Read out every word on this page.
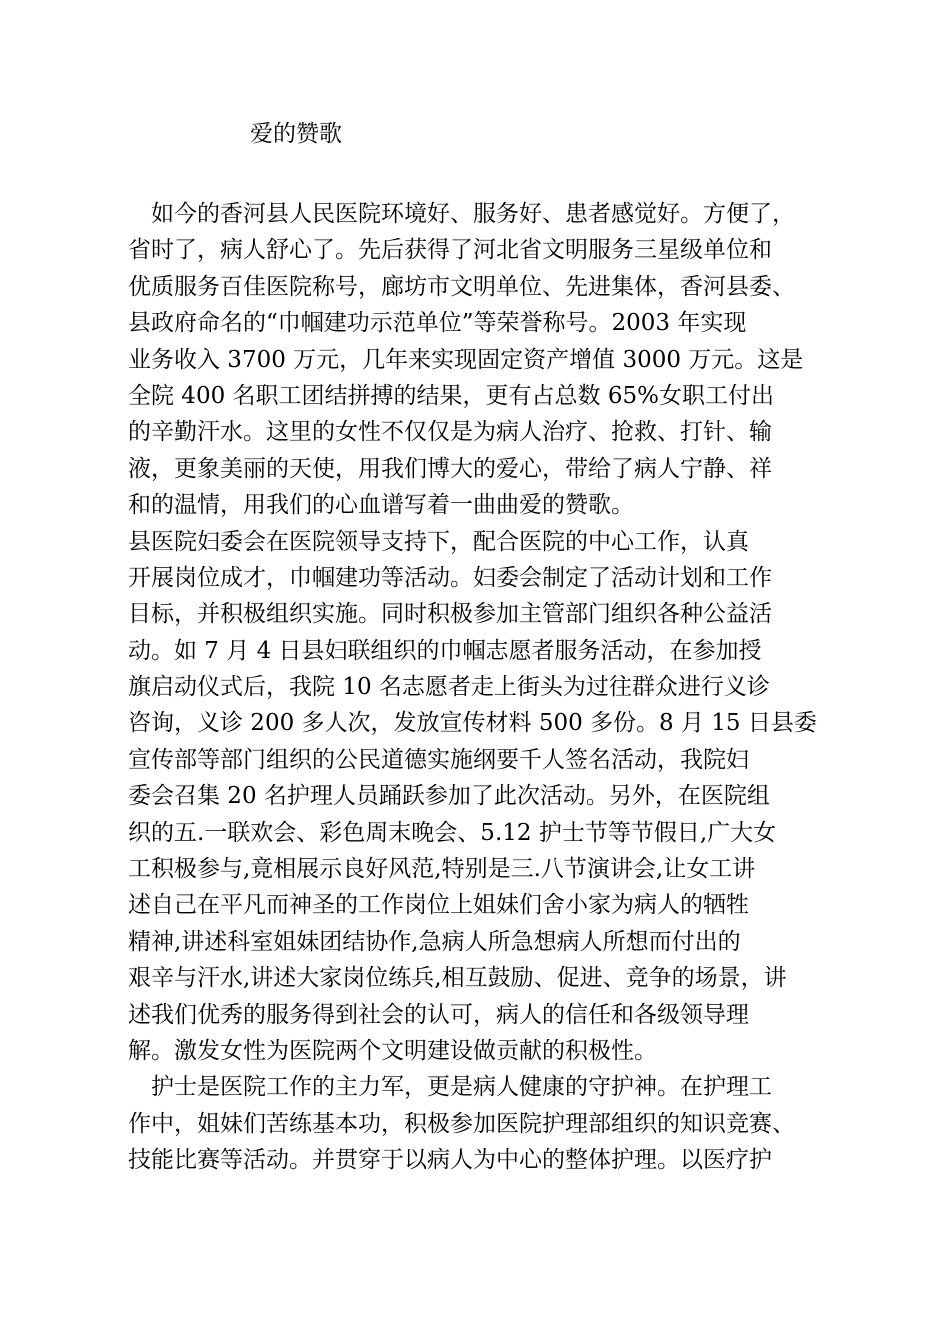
爱的赞歌
　如今的香河县人民医院环境好、服务好、患者感觉好。方便了，
省时了，病人舒心了。先后获得了河北省文明服务三星级单位和
优质服务百佳医院称号，廊坊市文明单位、先进集体，香河县委、
县政府命名的“巾帼建功示范单位”等荣誉称号。2003 年实现
业务收入 3700 万元，几年来实现固定资产增值 3000 万元。这是
全院 400 名职工团结拼搏的结果，更有占总数 65%女职工付出
的辛勤汗水。这里的女性不仅仅是为病人治疗、抢救、打针、输
液，更象美丽的天使，用我们博大的爱心，带给了病人宁静、祥
和的温情，用我们的心血谱写着一曲曲爱的赞歌。
县医院妇委会在医院领导支持下，配合医院的中心工作，认真
开展岗位成才，巾帼建功等活动。妇委会制定了活动计划和工作
目标，并积极组织实施。同时积极参加主管部门组织各种公益活
动。如 7 月 4 日县妇联组织的巾帼志愿者服务活动，在参加授
旗启动仪式后，我院 10 名志愿者走上街头为过往群众进行义诊
咨询，义诊 200 多人次，发放宣传材料 500 多份。8 月 15 日县委
宣传部等部门组织的公民道德实施纲要千人签名活动，我院妇
委会召集 20 名护理人员踊跃参加了此次活动。另外，在医院组
织的五.一联欢会、彩色周末晚会、5.12 护士节等节假日,广大女
工积极参与,竟相展示良好风范,特别是三.八节演讲会,让女工讲
述自己在平凡而神圣的工作岗位上姐妹们舍小家为病人的牺牲
精神,讲述科室姐妹团结协作,急病人所急想病人所想而付出的
艰辛与汗水,讲述大家岗位练兵,相互鼓励、促进、竞争的场景，讲
述我们优秀的服务得到社会的认可，病人的信任和各级领导理
解。激发女性为医院两个文明建设做贡献的积极性。
　护士是医院工作的主力军，更是病人健康的守护神。在护理工
作中，姐妹们苦练基本功，积极参加医院护理部组织的知识竞赛、
技能比赛等活动。并贯穿于以病人为中心的整体护理。以医疗护
